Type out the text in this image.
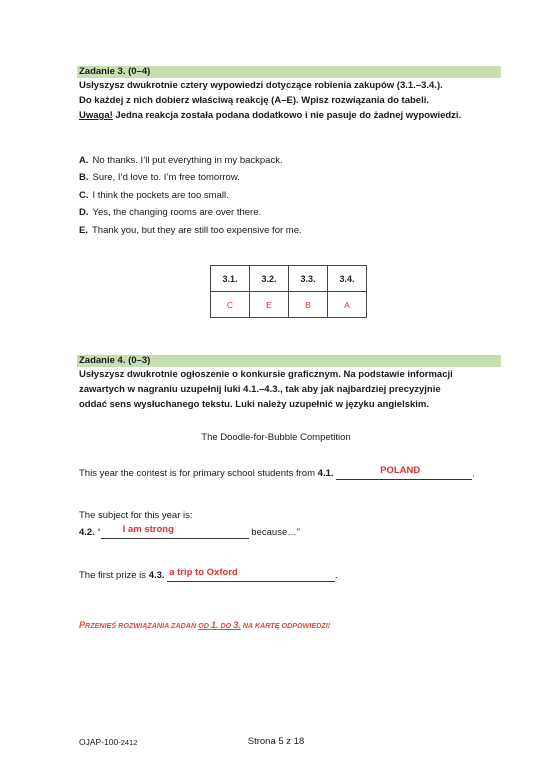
Zadanie 3. (0–4)
Usłyszysz dwukrotnie cztery wypowiedzi dotyczące robienia zakupów (3.1.–3.4.).
Do każdej z nich dobierz właściwą reakcję (A–E). Wpisz rozwiązania do tabeli.
Uwaga! Jedna reakcja została podana dodatkowo i nie pasuje do żadnej wypowiedzi.
A. No thanks. I’ll put everything in my backpack.
B. Sure, I’d love to. I’m free tomorrow.
C. I think the pockets are too small.
D. Yes, the changing rooms are over there.
E. Thank you, but they are still too expensive for me.
3.1.	3.2.	3.3.	3.4.
C	E	B	A
Zadanie 4. (0–3)
Usłyszysz dwukrotnie ogłoszenie o konkursie graficznym. Na podstawie informacji
zawartych w nagraniu uzupełnij luki 4.1.–4.3., tak aby jak najbardziej precyzyjnie
oddać sens wysłuchanego tekstu. Luki należy uzupełnić w języku angielskim.
The Doodle-for-Bubble Competition
This year the contest is for primary school students from 4.1.	POLAND	.
The subject for this year is:
4.2. “ I am strong	because…”
The first prize is 4.3. a trip to Oxford	.
PRZENIEŚ ROZWIĄZANIA ZADAŃ OD 1. DO 3. NA KARTĘ ODPOWIEDZI!
OJAP-100-2412	Strona 5 z 18
